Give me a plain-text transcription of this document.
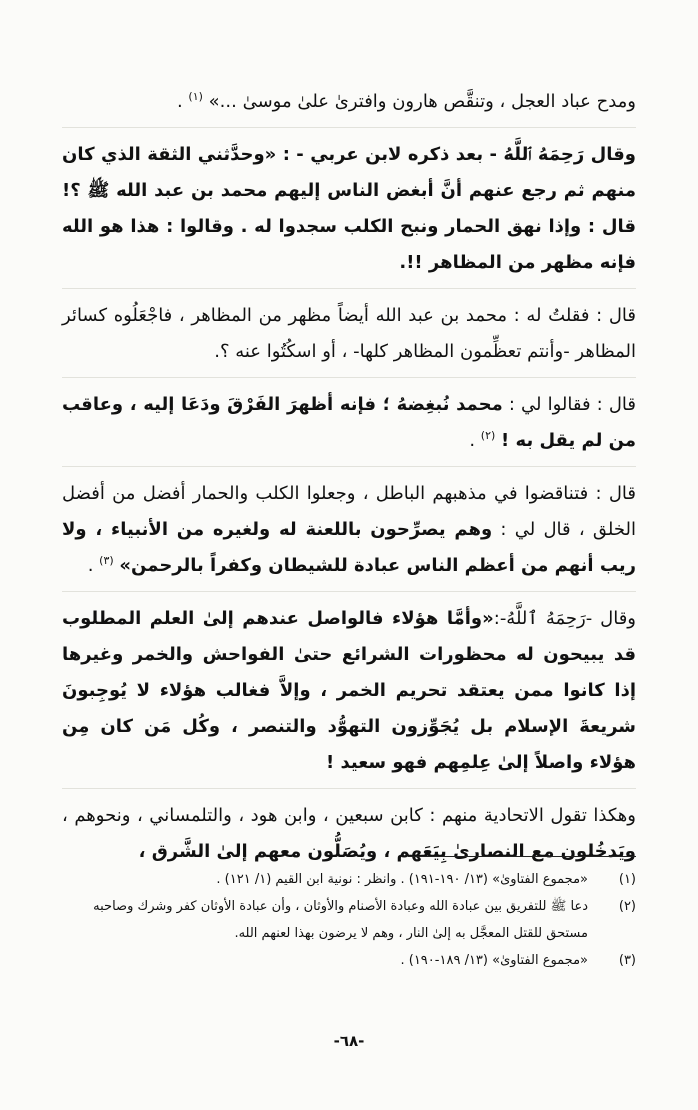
ومدح عباد العجل ، وتنقَّص هارون وافترىٰ علىٰ موسىٰ ...» $^{(١)}$ .

وقال رَحِمَهُ ٱللَّهُ - بعد ذكره لابن عربي - : «وحدَّثني الثقة الذي كان منهم ثم رجع عنهم أنَّ أبغض الناس إليهم محمد بن عبد الله ﷺ ؟! قال : وإذا نهق الحمار ونبح الكلب سجدوا له . وقالوا : هذا هو الله فإنه مظهر من المظاهر !!.

قال : فقلتُ له : محمد بن عبد الله أيضاً مظهر من المظاهر ، فاجْعَلُوه كسائر المظاهر -وأنتم تعظِّمون المظاهر كلها- ، أو اسكُتُوا عنه ؟.

قال : فقالوا لي : محمد نُبغِضهُ ؛ فإنه أظهرَ الفَرْقَ ودَعَا إليه ، وعاقب من لم يقل به ! $^{(٢)}$ .

قال : فتناقضوا في مذهبهم الباطل ، وجعلوا الكلب والحمار أفضل من أفضل الخلق ، قال لي : وهم يصرِّحون باللعنة له ولغيره من الأنبياء ، ولا ريب أنهم من أعظم الناس عبادة للشيطان وكفراً بالرحمن» $^{(٣)}$ .

وقال -رَحِمَهُ ٱللَّهُ-:«وأمَّا هؤلاء فالواصل عندهم إلىٰ العلم المطلوب قد يبيحون له محظورات الشرائع حتىٰ الفواحش والخمر وغيرها إذا كانوا ممن يعتقد تحريم الخمر ، وإلاَّ فغالب هؤلاء لا يُوجِبونَ شريعةَ الإسلام بل يُجَوِّزون التهوُّد والتنصر ، وكُل مَن كان مِن هؤلاء واصلاً إلىٰ عِلمِهم فهو سعيد !

وهكذا تقول الاتحادية منهم : كابن سبعين ، وابن هود ، والتلمساني ، ونحوهم ، ويَدخُلون مع النصارىٰ بِيَعَهم ، ويُصَلُّون معهم إلىٰ الشَّرق ،

(١)
«مجموع الفتاوىٰ» (١٣/ ١٩٠-١٩١) . وانظر : نونية ابن القيم (١/ ١٢١) .
(٢)
دعا ﷺ للتفريق بين عبادة الله وعبادة الأصنام والأوثان ، وأن عبادة الأوثان كفر وشرك وصاحبه مستحق للقتل المعجَّل به إلىٰ النار ، وهم لا يرضون بهذا لعنهم الله.
(٣)
«مجموع الفتاوىٰ» (١٣/ ١٨٩-١٩٠) .
-٦٨-
